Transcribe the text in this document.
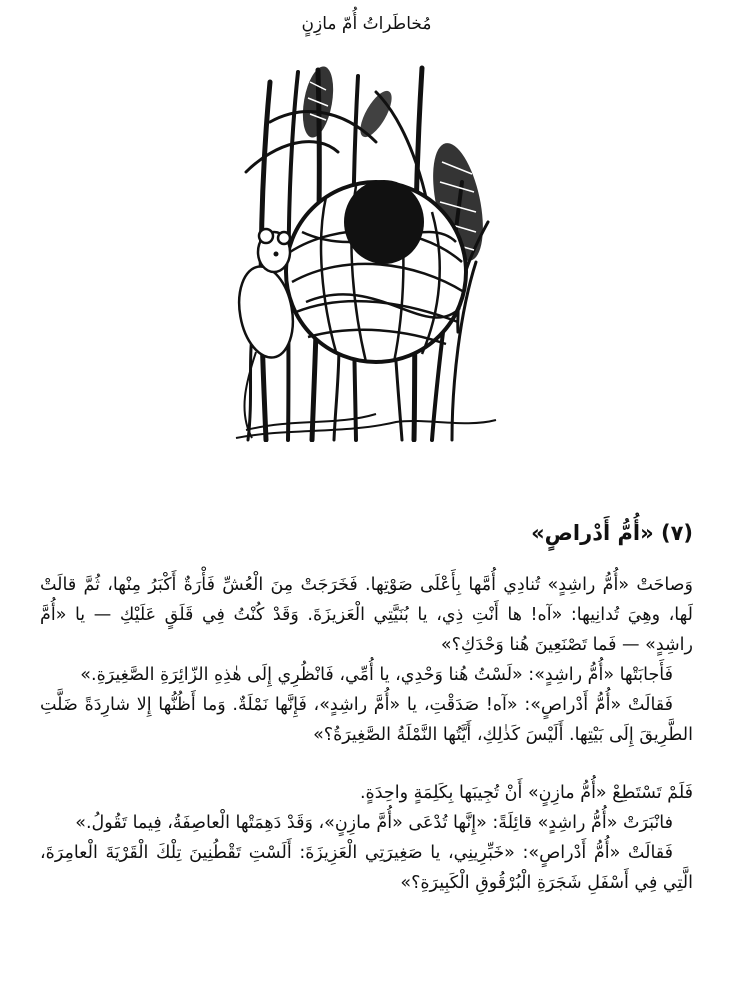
مُخاطَراتُ أُمّ مازِنٍ
(٧) «أُمُّ أَدْراصٍ»

وَصاحَتْ «أُمُّ راشِدٍ» تُنادِي أُمَّها بِأَعْلَى صَوْتِها. فَخَرَجَتْ مِنَ الْعُشِّ فَأْرَةٌ أَكْبَرُ مِنْها، ثُمَّ قالَتْ لَها، وهِيَ تُدانِيها: «آه! ها أَنْتِ ذِي، يا بُنَيَّتِي الْعَزيزَةَ. وَقَدْ كُنْتُ فِي قَلَقٍ عَلَيْكِ — يا «أُمَّ راشِدٍ» — فَما تَصْنَعِينَ هُنا وَحْدَكِ؟»

فَأَجابَتْها «أُمُّ راشِدٍ»: «لَسْتُ هُنا وَحْدِي، يا أُمِّي، فَانْظُرِي إِلَى هٰذِهِ الزّائِرَةِ الصَّغِيرَةِ.»

فَقالَتْ «أُمُّ أَدْراصٍ»: «آه! صَدَقْتِ، يا «أُمَّ راشِدٍ»، فَإِنَّها نَمْلَةٌ. وَما أَظُنُّها إِلا شارِدَةً ضَلَّتِ الطَّرِيقَ إِلَى بَيْتِها. أَلَيْسَ كَذٰلِكِ، أَيَّتُها النَّمْلَةُ الصَّغِيرَةُ؟»

فَلَمْ تَسْتَطِعْ «أُمُّ مازِنٍ» أَنْ تُجِيبَها بِكَلِمَةٍ واحِدَةٍ.

فانْبَرَتْ «أُمُّ راشِدٍ» قائِلَةً: «إِنَّها تُدْعَى «أُمَّ مازِنٍ»، وَقَدْ دَهِمَتْها الْعاصِفَةُ، فِيما تَقُولُ.»

فَقالَتْ «أُمُّ أَدْراصٍ»: «خَبِّرِينِي، يا صَغِيرَتِي الْعَزِيزَةَ: أَلَسْتِ تَقْطُنِينَ تِلْكَ الْقَرْيَةَ الْعامِرَةَ، الَّتِي فِي أَسْفَلِ شَجَرَةِ الْبُرْقُوقِ الْكَبِيرَةِ؟»
